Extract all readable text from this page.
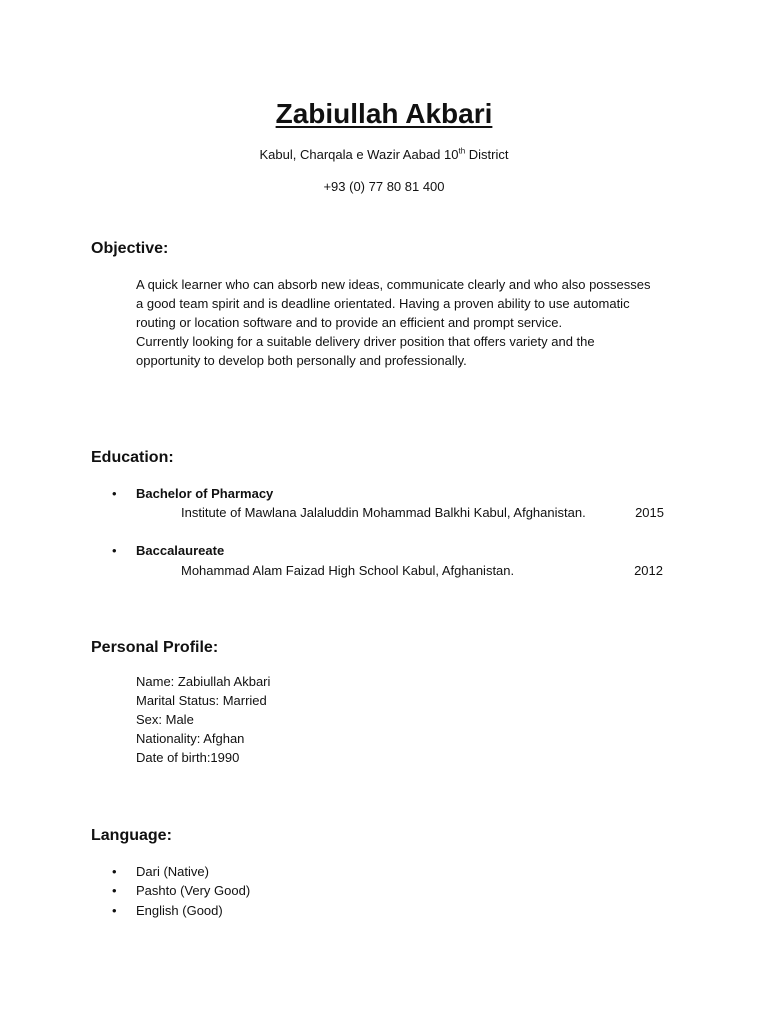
Zabiullah Akbari
Kabul, Charqala e Wazir Aabad 10th District
+93 (0) 77 80 81 400
Objective:

A quick learner who can absorb new ideas, communicate clearly and who also possesses a good team spirit and is deadline orientated. Having a proven ability to use automatic routing or location software and to provide an efficient and prompt service.

Currently looking for a suitable delivery driver position that offers variety and the opportunity to develop both personally and professionally.

Education:
• Bachelor of Pharmacy
Institute of Mawlana Jalaluddin Mohammad Balkhi Kabul, Afghanistan.	2015
• Baccalaureate
Mohammad Alam Faizad High School Kabul, Afghanistan.	2012
Personal Profile:
Name: Zabiullah Akbari
Marital Status: Married
Sex: Male
Nationality: Afghan
Date of birth:1990
Language:
• Dari (Native)
• Pashto (Very Good)
• English (Good)
